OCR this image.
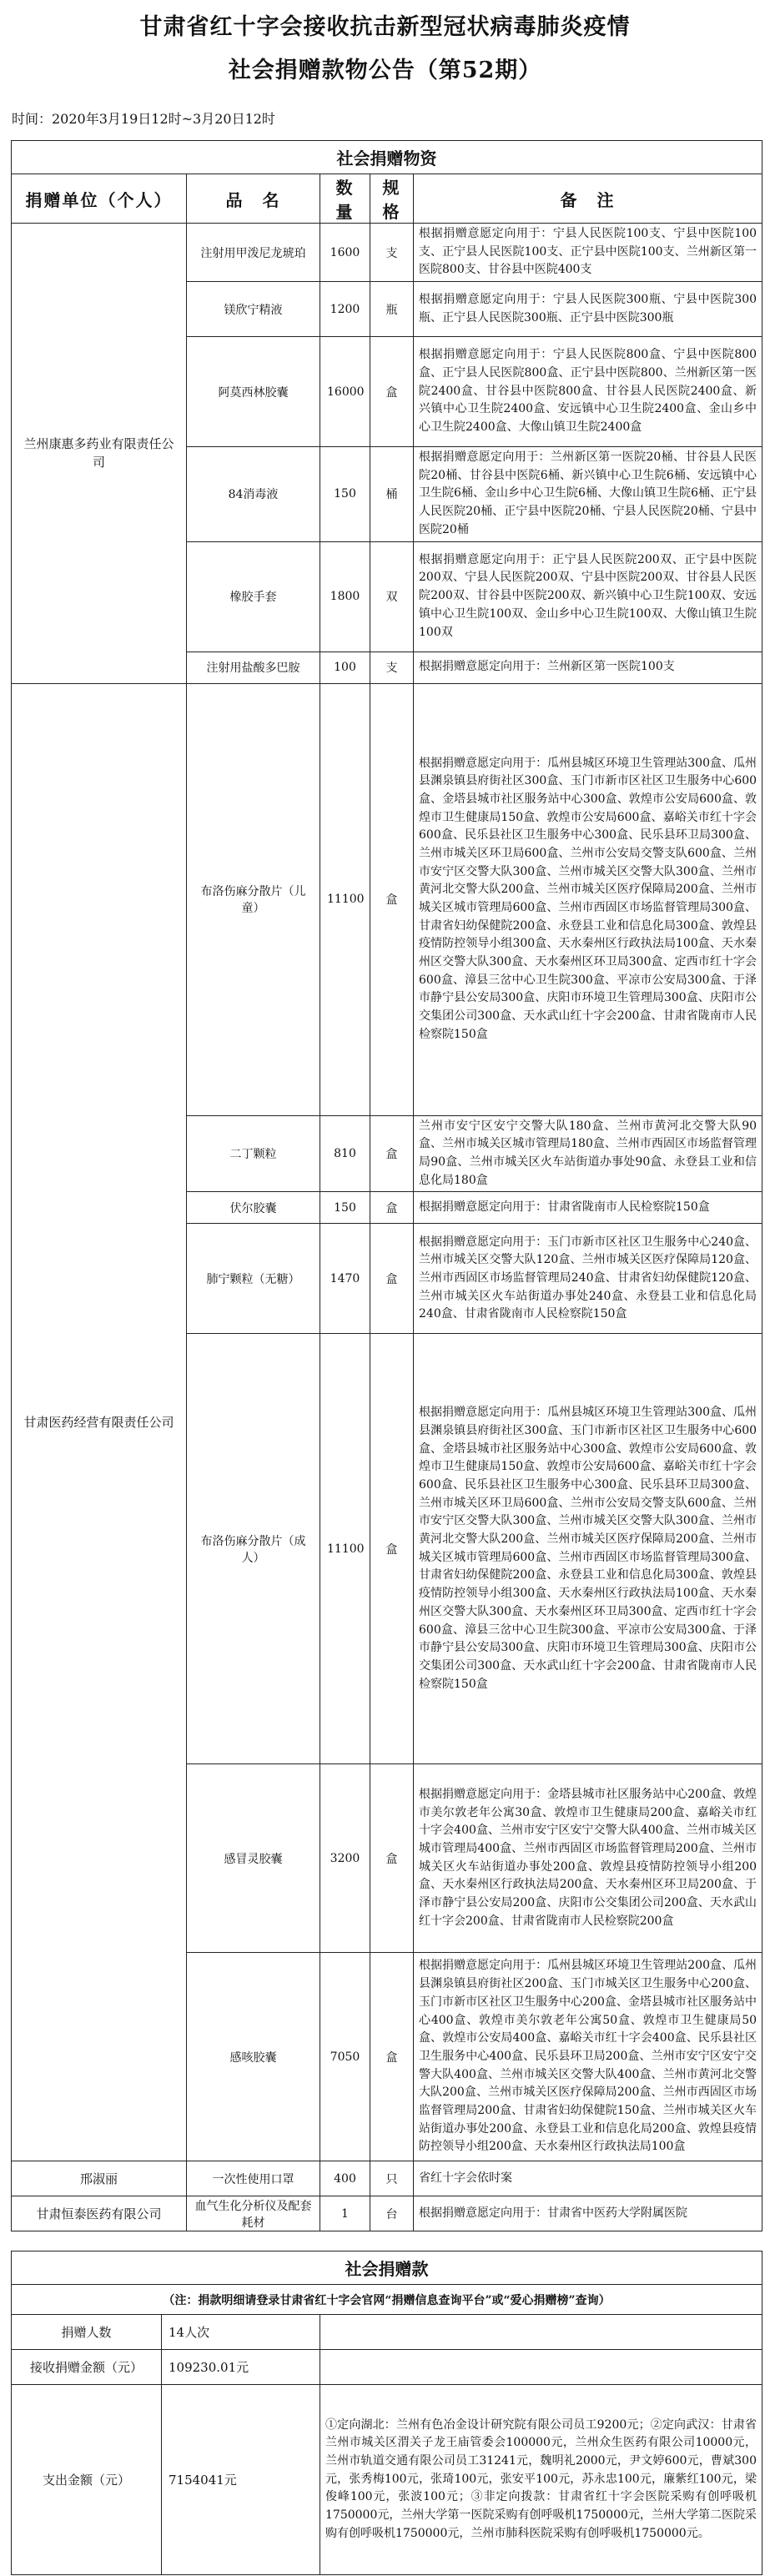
甘肃省红十字会接收抗击新型冠状病毒肺炎疫情
社会捐赠款物公告（第52期）
时间：2020年3月19日12时~3月20日12时
社会捐赠物资				
捐赠单位（个人）	品　名	数量	规格	备　注
兰州康惠多药业有限责任公司	注射用甲泼尼龙琥珀	1600	支	根据捐赠意愿定向用于：宁县人民医院100支、宁县中医院100支、正宁县人民医院100支、正宁县中医院100支、兰州新区第一医院800支、甘谷县中医院400支
	镁欣宁精液	1200	瓶	根据捐赠意愿定向用于：宁县人民医院300瓶、宁县中医院300瓶、正宁县人民医院300瓶、正宁县中医院300瓶
	阿莫西林胶囊	16000	盒	根据捐赠意愿定向用于：宁县人民医院800盒、宁县中医院800盒、正宁县人民医院800盒、正宁县中医院800、兰州新区第一医院2400盒、甘谷县中医院800盒、甘谷县人民医院2400盒、新兴镇中心卫生院2400盒、安远镇中心卫生院2400盒、金山乡中心卫生院2400盒、大像山镇卫生院2400盒
	84消毒液	150	桶	根据捐赠意愿定向用于：兰州新区第一医院20桶、甘谷县人民医院20桶、甘谷县中医院6桶、新兴镇中心卫生院6桶、安远镇中心卫生院6桶、金山乡中心卫生院6桶、大像山镇卫生院6桶、正宁县人民医院20桶、正宁县中医院20桶、宁县人民医院20桶、宁县中医院20桶
	橡胶手套	1800	双	根据捐赠意愿定向用于：正宁县人民医院200双、正宁县中医院200双、宁县人民医院200双、宁县中医院200双、甘谷县人民医院200双、甘谷县中医院200双、新兴镇中心卫生院100双、安远镇中心卫生院100双、金山乡中心卫生院100双、大像山镇卫生院100双
	注射用盐酸多巴胺	100	支	根据捐赠意愿定向用于：兰州新区第一医院100支
甘肃医药经营有限责任公司	布洛伤麻分散片（儿童）	11100	盒	根据捐赠意愿定向用于：瓜州县城区环境卫生管理站300盒、瓜州县渊泉镇县府街社区300盒、玉门市新市区社区卫生服务中心600盒、金塔县城市社区服务站中心300盒、敦煌市公安局600盒、敦煌市卫生健康局150盒、敦煌市公安局600盒、嘉峪关市红十字会600盒、民乐县社区卫生服务中心300盒、民乐县环卫局300盒、兰州市城关区环卫局600盒、兰州市公安局交警支队600盒、兰州市安宁区交警大队300盒、兰州市城关区交警大队300盒、兰州市黄河北交警大队200盒、兰州市城关区医疗保障局200盒、兰州市城关区城市管理局600盒、兰州市西固区市场监督管理局300盒、甘肃省妇幼保健院200盒、永登县工业和信息化局300盒、敦煌县疫情防控领导小组300盒、天水秦州区行政执法局100盒、天水秦州区交警大队300盒、天水秦州区环卫局300盒、定西市红十字会600盒、漳县三岔中心卫生院300盒、平凉市公安局300盒、于泽市静宁县公安局300盒、庆阳市环境卫生管理局300盒、庆阳市公交集团公司300盒、天水武山红十字会200盒、甘肃省陇南市人民检察院150盒
	二丁颗粒	810	盒	兰州市安宁区安宁交警大队180盒、兰州市黄河北交警大队90盒、兰州市城关区城市管理局180盒、兰州市西固区市场监督管理局90盒、兰州市城关区火车站街道办事处90盒、永登县工业和信息化局180盒
	伏尔胶囊	150	盒	根据捐赠意愿定向用于：甘肃省陇南市人民检察院150盒
	肺宁颗粒（无糖）	1470	盒	根据捐赠意愿定向用于：玉门市新市区社区卫生服务中心240盒、兰州市城关区交警大队120盒、兰州市城关区医疗保障局120盒、兰州市西固区市场监督管理局240盒、甘肃省妇幼保健院120盒、兰州市城关区火车站街道办事处240盒、永登县工业和信息化局240盒、甘肃省陇南市人民检察院150盒
	布洛伤麻分散片（成人）	11100	盒	根据捐赠意愿定向用于：瓜州县城区环境卫生管理站300盒、瓜州县渊泉镇县府街社区300盒、玉门市新市区社区卫生服务中心600盒、金塔县城市社区服务站中心300盒、敦煌市公安局600盒、敦煌市卫生健康局150盒、敦煌市公安局600盒、嘉峪关市红十字会600盒、民乐县社区卫生服务中心300盒、民乐县环卫局300盒、兰州市城关区环卫局600盒、兰州市公安局交警支队600盒、兰州市安宁区交警大队300盒、兰州市城关区交警大队300盒、兰州市黄河北交警大队200盒、兰州市城关区医疗保障局200盒、兰州市城关区城市管理局600盒、兰州市西固区市场监督管理局300盒、甘肃省妇幼保健院200盒、永登县工业和信息化局300盒、敦煌县疫情防控领导小组300盒、天水秦州区行政执法局100盒、天水秦州区交警大队300盒、天水秦州区环卫局300盒、定西市红十字会600盒、漳县三岔中心卫生院300盒、平凉市公安局300盒、于泽市静宁县公安局300盒、庆阳市环境卫生管理局300盒、庆阳市公交集团公司300盒、天水武山红十字会200盒、甘肃省陇南市人民检察院150盒
	感冒灵胶囊	3200	盒	根据捐赠意愿定向用于：金塔县城市社区服务站中心200盒、敦煌市美尔敦老年公寓30盒、敦煌市卫生健康局200盒、嘉峪关市红十字会400盒、兰州市安宁区安宁交警大队400盒、兰州市城关区城市管理局400盒、兰州市西固区市场监督管理局200盒、兰州市城关区火车站街道办事处200盒、敦煌县疫情防控领导小组200盒、天水秦州区行政执法局200盒、天水秦州区环卫局200盒、于泽市静宁县公安局200盒、庆阳市公交集团公司200盒、天水武山红十字会200盒、甘肃省陇南市人民检察院200盒
	感咳胶囊	7050	盒	根据捐赠意愿定向用于：瓜州县城区环境卫生管理站200盒、瓜州县渊泉镇县府街社区200盒、玉门市城关区卫生服务中心200盒、玉门市新市区社区卫生服务中心200盒、金塔县城市社区服务站中心400盒、敦煌市美尔敦老年公寓50盒、敦煌市卫生健康局50盒、敦煌市公安局400盒、嘉峪关市红十字会400盒、民乐县社区卫生服务中心400盒、民乐县环卫局200盒、兰州市安宁区安宁交警大队400盒、兰州市城关区交警大队400盒、兰州市黄河北交警大队200盒、兰州市城关区医疗保障局200盒、兰州市西固区市场监督管理局200盒、甘肃省妇幼保健院150盒、兰州市城关区火车站街道办事处200盒、永登县工业和信息化局200盒、敦煌县疫情防控领导小组200盒、天水秦州区行政执法局100盒
邢淑丽	一次性使用口罩	400	只	省红十字会依时案
甘肃恒泰医药有限公司	血气生化分析仪及配套耗材	1	台	根据捐赠意愿定向用于：甘肃省中医药大学附属医院
社会捐赠款		
（注：捐款明细请登录甘肃省红十字会官网“捐赠信息查询平台”或“爱心捐赠榜”查询）		
捐赠人数	14人次	
接收捐赠金额（元）	109230.01元	
支出金额（元）	7154041元	①定向湖北：兰州有色冶金设计研究院有限公司员工9200元；②定向武汉：甘肃省兰州市城关区渭关子龙王庙管委会100000元，兰州众生医药有限公司10000元，兰州市轨道交通有限公司员工31241元，魏明礼2000元，尹文婷600元，曹斌300元，张秀梅100元，张琦100元，张安平100元，苏永忠100元，廉紫红100元，梁俊峰100元，张波100元；③非定向拨款：甘肃省红十字会医院采购有创呼吸机1750000元，兰州大学第一医院采购有创呼吸机1750000元，兰州大学第二医院采购有创呼吸机1750000元，兰州市肺科医院采购有创呼吸机1750000元。
